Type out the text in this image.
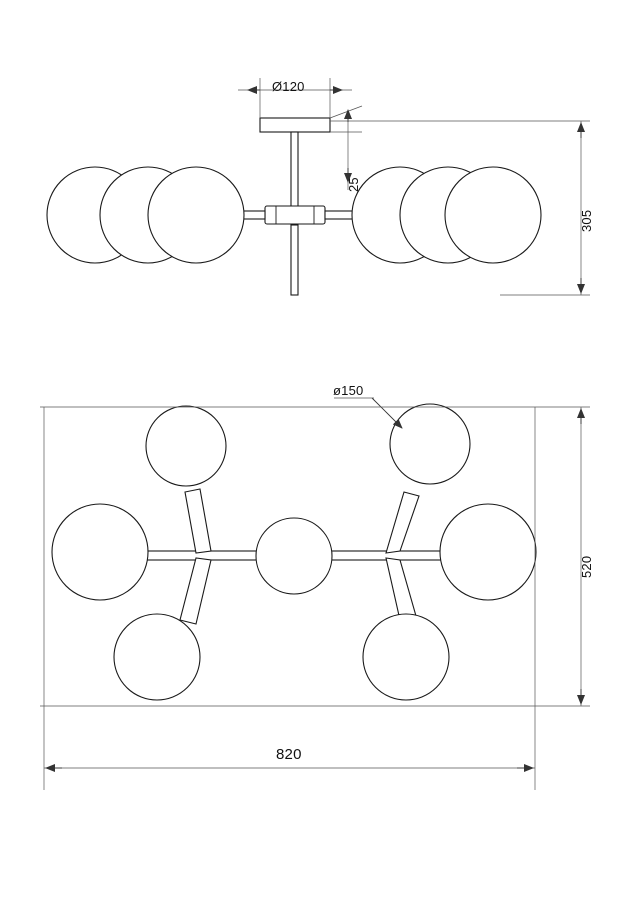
Ø120
25
305
ø150
520
820
